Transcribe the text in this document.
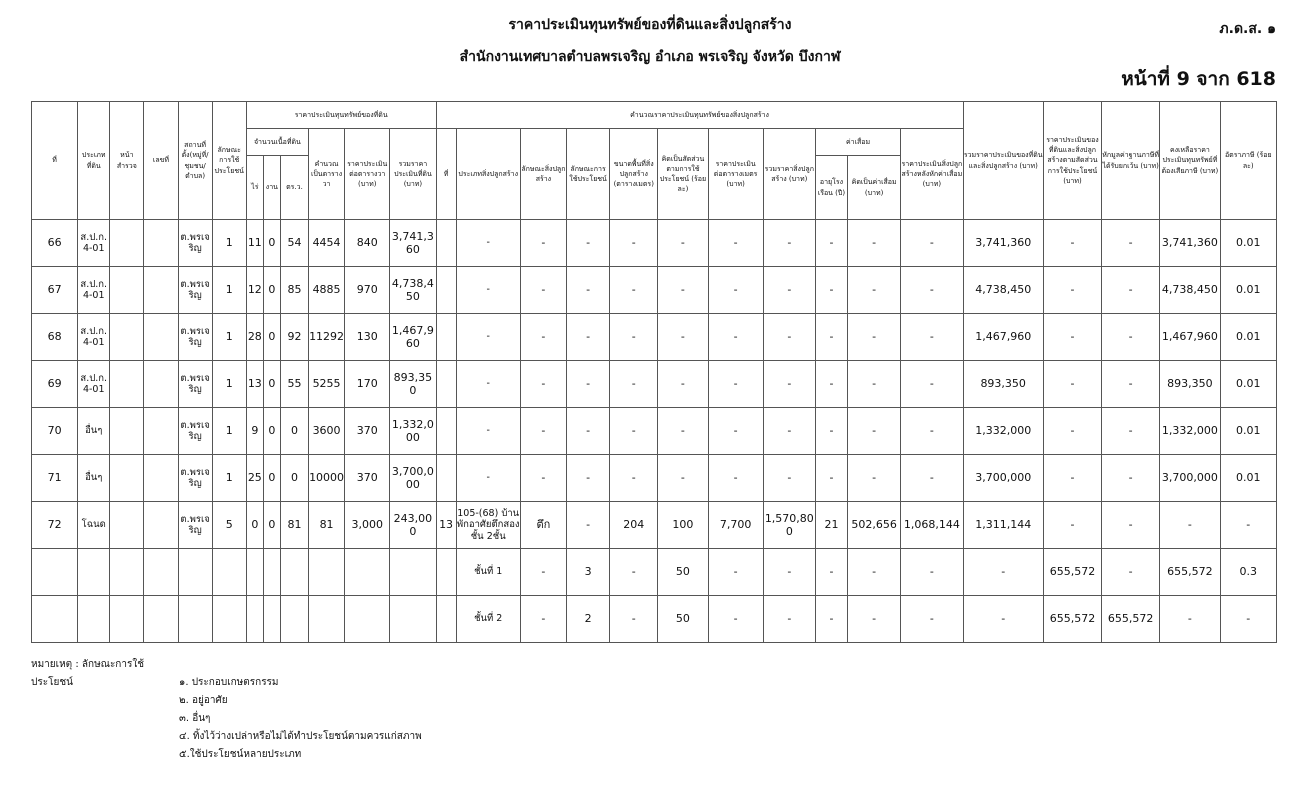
ราคาประเมินทุนทรัพย์ของที่ดินและสิ่งปลูกสร้าง
สำนักงานเทศบาลตำบลพรเจริญ อำเภอ พรเจริญ จังหวัด บึงกาฬ
ภ.ด.ส. ๑
หน้าที่ 9 จาก 618
ที่	ประเภทที่ดิน	หน้าสำรวจ	เลขที่	สถานที่ตั้ง(หมู่ที่/ชุมชน/ตำบล)	ลักษณะการใช้ประโยชน์	ราคาประเมินทุนทรัพย์ของที่ดิน						คำนวณราคาประเมินทุนทรัพย์ของสิ่งปลูกสร้าง											รวมราคาประเมินของที่ดินและสิ่งปลูกสร้าง (บาท)	ราคาประเมินของที่ดินและสิ่งปลูกสร้างตามสัดส่วนการใช้ประโยชน์ (บาท)	หักมูลค่าฐานภาษีที่ได้รับยกเว้น (บาท)	คงเหลือราคาประเมินทุนทรัพย์ที่ต้องเสียภาษี (บาท)	อัตราภาษี (ร้อยละ)
						จำนวนเนื้อที่ดิน			คำนวณเป็นตารางวา	ราคาประเมินต่อตารางวา (บาท)	รวมราคาประเมินที่ดิน (บาท)	ที่	ประเภทสิ่งปลูกสร้าง	ลักษณะสิ่งปลูกสร้าง	ลักษณะการใช้ประโยชน์	ขนาดพื้นที่สิ่งปลูกสร้าง (ตารางเมตร)	คิดเป็นสัดส่วนตามการใช้ประโยชน์ (ร้อยละ)	ราคาประเมินต่อตารางเมตร (บาท)	รวมราคาสิ่งปลูกสร้าง (บาท)	ค่าเสื่อม		ราคาประเมินสิ่งปลูกสร้างหลังหักค่าเสื่อม (บาท)					
						ไร่	งาน	ตร.ว.												อายุโรงเรือน (ปี)	คิดเป็นค่าเสื่อม (บาท)						
66	ส.ป.ก. 4-01			ต.พรเจริญ	1	11	0	54	4454	840	3,741,360		-	-	-	-	-	-	-	-	-	-	3,741,360	-	-	3,741,360	0.01
67	ส.ป.ก. 4-01			ต.พรเจริญ	1	12	0	85	4885	970	4,738,450		-	-	-	-	-	-	-	-	-	-	4,738,450	-	-	4,738,450	0.01
68	ส.ป.ก. 4-01			ต.พรเจริญ	1	28	0	92	11292	130	1,467,960		-	-	-	-	-	-	-	-	-	-	1,467,960	-	-	1,467,960	0.01
69	ส.ป.ก. 4-01			ต.พรเจริญ	1	13	0	55	5255	170	893,350		-	-	-	-	-	-	-	-	-	-	893,350	-	-	893,350	0.01
70	อื่นๆ			ต.พรเจริญ	1	9	0	0	3600	370	1,332,000		-	-	-	-	-	-	-	-	-	-	1,332,000	-	-	1,332,000	0.01
71	อื่นๆ			ต.พรเจริญ	1	25	0	0	10000	370	3,700,000		-	-	-	-	-	-	-	-	-	-	3,700,000	-	-	3,700,000	0.01
72	โฉนด			ต.พรเจริญ	5	0	0	81	81	3,000	243,000	13	105-(68) บ้านพักอาศัยตึกสองชั้น 2ชั้น	ตึก	-	204	100	7,700	1,570,800	21	502,656	1,068,144	1,311,144	-	-	-	-
													ชั้นที่ 1	-	3	-	50	-	-	-	-	-	-	655,572	-	655,572	0.3
													ชั้นที่ 2	-	2	-	50	-	-	-	-	-	-	655,572	655,572	-	-
หมายเหตุ : ลักษณะการใช้ประโยชน์	๑. ประกอบเกษตรกรรม
๒. อยู่อาศัย
๓. อื่นๆ
๔. ทิ้งไว้ว่างเปล่าหรือไม่ได้ทำประโยชน์ตามควรแก่สภาพ
๕.ใช้ประโยชน์หลายประเภท
